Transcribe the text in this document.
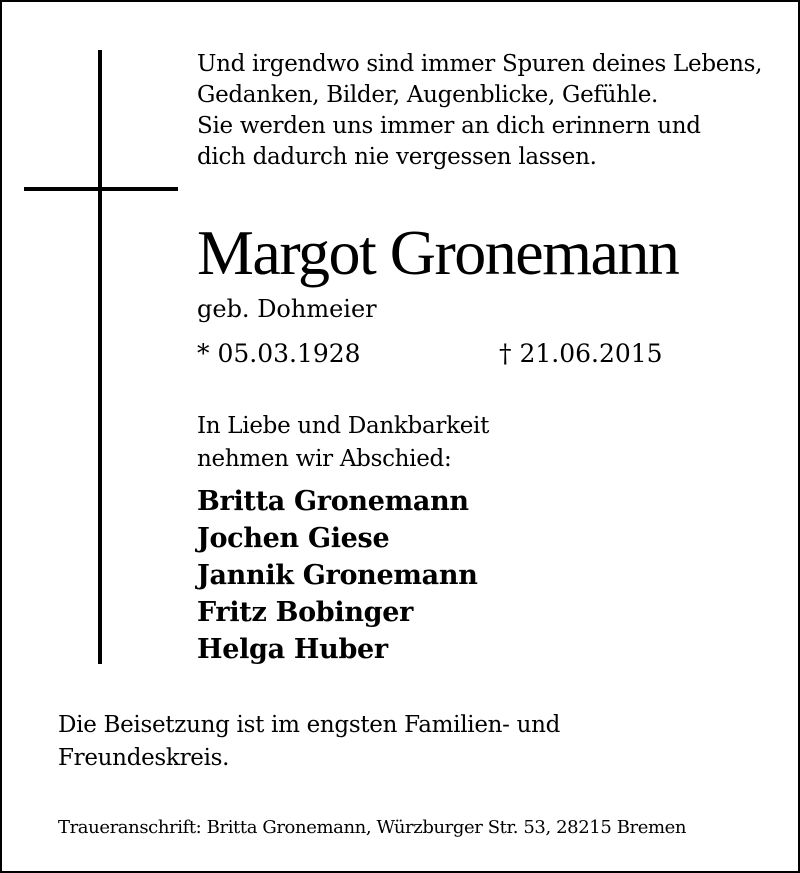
Und irgendwo sind immer Spuren deines Lebens,
Gedanken, Bilder, Augenblicke, Gefühle.
Sie werden uns immer an dich erinnern und
dich dadurch nie vergessen lassen.
Margot Gronemann
geb. Dohmeier
* 05.03.1928	† 21.06.2015
In Liebe und Dankbarkeit
nehmen wir Abschied:
Britta Gronemann
Jochen Giese
Jannik Gronemann
Fritz Bobinger
Helga Huber
Die Beisetzung ist im engsten Familien- und
Freundeskreis.
Traueranschrift: Britta Gronemann, Würzburger Str. 53, 28215 Bremen
